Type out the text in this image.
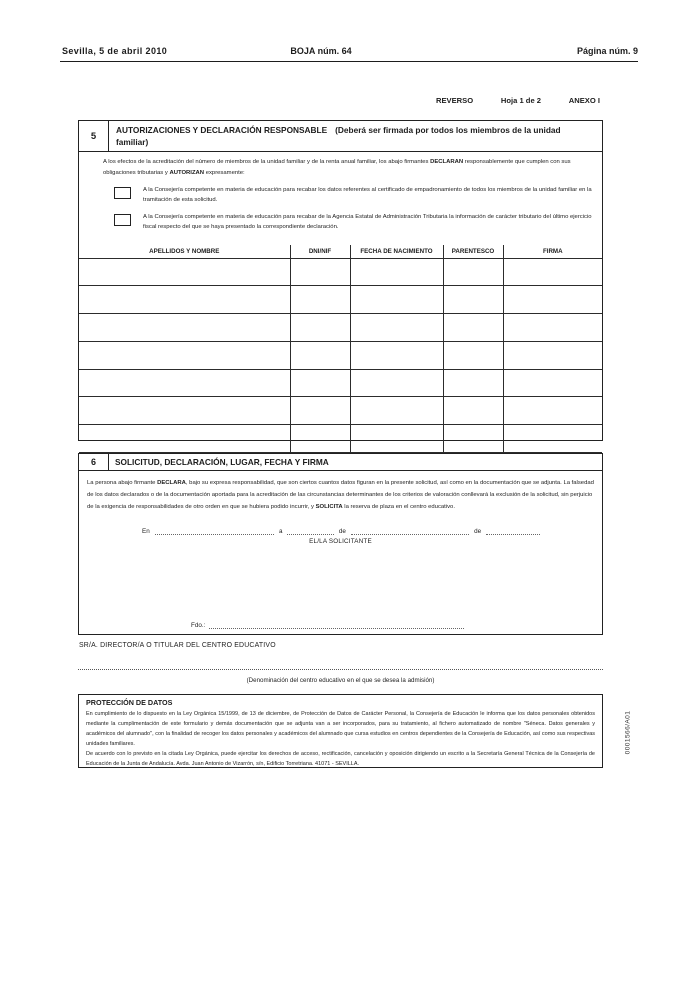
Sevilla, 5 de abril 2010	BOJA núm. 64	Página núm. 9
REVERSO	Hoja 1 de 2	ANEXO I
5
AUTORIZACIONES Y DECLARACIÓN RESPONSABLE (Deberá ser firmada por todos los miembros de la unidad familiar)
A los efectos de la acreditación del número de miembros de la unidad familiar y de la renta anual familiar, los abajo firmantes DECLARAN responsablemente que cumplen con sus obligaciones tributarias y AUTORIZAN expresamente:
A la Consejería competente en materia de educación para recabar los datos referentes al certificado de empadronamiento de todos los miembros de la unidad familiar en la tramitación de esta solicitud.
A la Consejería competente en materia de educación para recabar de la Agencia Estatal de Administración Tributaria la información de carácter tributario del último ejercicio fiscal respecto del que se haya presentado la correspondiente declaración.
APELLIDOS Y NOMBRE	DNI/NIF	FECHA DE NACIMIENTO	PARENTESCO	FIRMA

6	SOLICITUD, DECLARACIÓN, LUGAR, FECHA Y FIRMA
La persona abajo firmante DECLARA, bajo su expresa responsabilidad, que son ciertos cuantos datos figuran en la presente solicitud, así como en la documentación que se adjunta. La falsedad de los datos declarados o de la documentación aportada para la acreditación de las circunstancias determinantes de los criterios de valoración conllevará la exclusión de la solicitud, sin perjuicio de la exigencia de responsabilidades de otro orden en que se hubiera podido incurrir, y SOLICITA la reserva de plaza en el centro educativo.
En	a	de	de
EL/LA SOLICITANTE
Fdo.:
SR/A. DIRECTOR/A O TITULAR DEL CENTRO EDUCATIVO
(Denominación del centro educativo en el que se desea la admisión)
PROTECCIÓN DE DATOS

En cumplimiento de lo dispuesto en la Ley Orgánica 15/1999, de 13 de diciembre, de Protección de Datos de Carácter Personal, la Consejería de Educación le informa que los datos personales obtenidos mediante la cumplimentación de este formulario y demás documentación que se adjunta van a ser incorporados, para su tratamiento, al fichero automatizado de nombre "Séneca. Datos generales y académicos del alumnado", con la finalidad de recoger los datos personales y académicos del alumnado que cursa estudios en centros dependientes de la Consejería de Educación, así como sus respectivas unidades familiares.

De acuerdo con lo previsto en la citada Ley Orgánica, puede ejercitar los derechos de acceso, rectificación, cancelación y oposición dirigiendo un escrito a la Secretaría General Técnica de la Consejería de Educación de la Junta de Andalucía. Avda. Juan Antonio de Vizarrón, s/n, Edificio Torretriana. 41071 - SEVILLA.

0001566/A01
